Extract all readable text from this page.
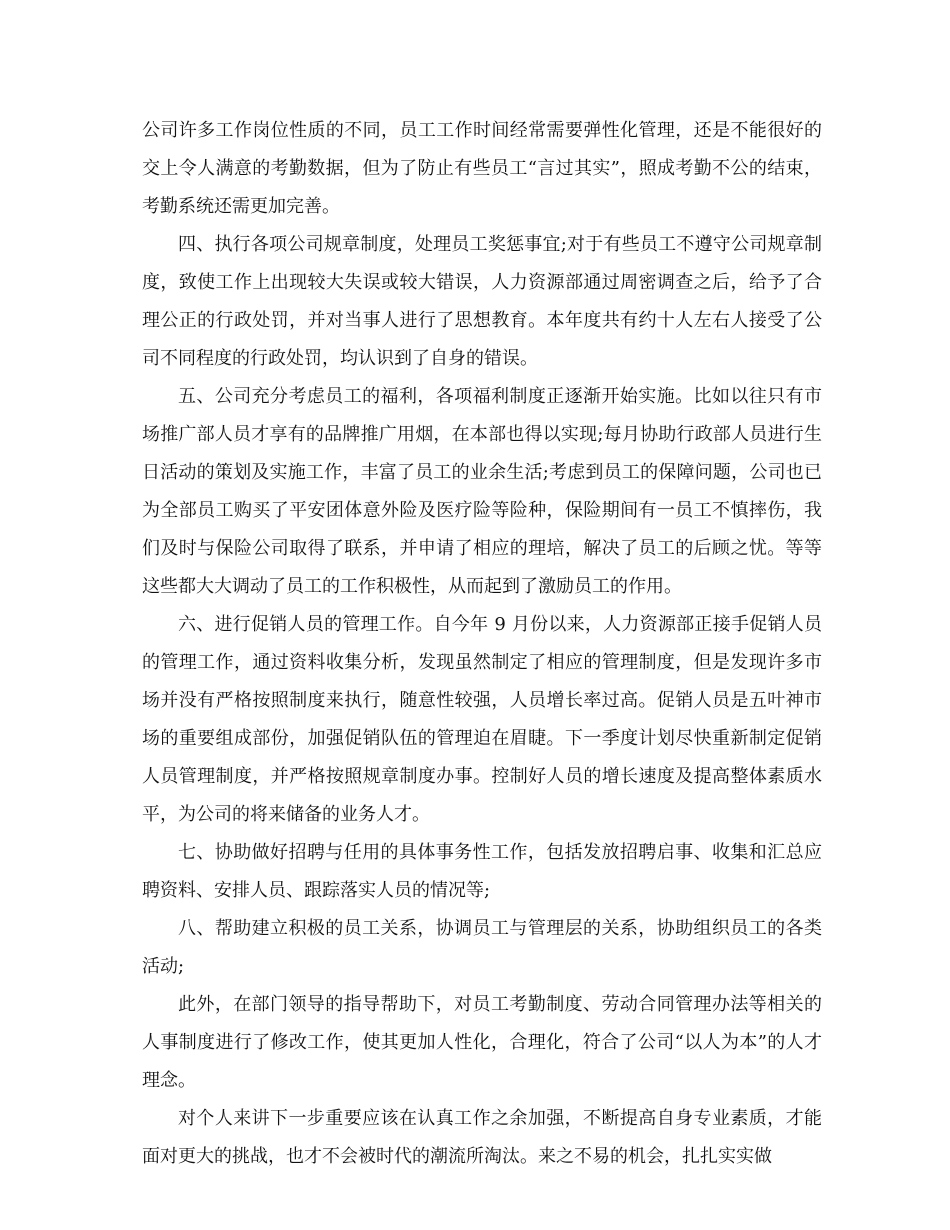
公司许多工作岗位性质的不同，员工工作时间经常需要弹性化管理，还是不能很好的交上令人满意的考勤数据，但为了防止有些员工“言过其实”，照成考勤不公的结束，考勤系统还需更加完善。

四、执行各项公司规章制度，处理员工奖惩事宜;对于有些员工不遵守公司规章制度，致使工作上出现较大失误或较大错误，人力资源部通过周密调查之后，给予了合理公正的行政处罚，并对当事人进行了思想教育。本年度共有约十人左右人接受了公司不同程度的行政处罚，均认识到了自身的错误。

五、公司充分考虑员工的福利，各项福利制度正逐渐开始实施。比如以往只有市场推广部人员才享有的品牌推广用烟，在本部也得以实现;每月协助行政部人员进行生日活动的策划及实施工作，丰富了员工的业余生活;考虑到员工的保障问题，公司也已为全部员工购买了平安团体意外险及医疗险等险种，保险期间有一员工不慎摔伤，我们及时与保险公司取得了联系，并申请了相应的理培，解决了员工的后顾之忧。等等这些都大大调动了员工的工作积极性，从而起到了激励员工的作用。

六、进行促销人员的管理工作。自今年 9 月份以来，人力资源部正接手促销人员的管理工作，通过资料收集分析，发现虽然制定了相应的管理制度，但是发现许多市场并没有严格按照制度来执行，随意性较强，人员增长率过高。促销人员是五叶神市场的重要组成部份，加强促销队伍的管理迫在眉睫。下一季度计划尽快重新制定促销人员管理制度，并严格按照规章制度办事。控制好人员的增长速度及提高整体素质水平，为公司的将来储备的业务人才。

七、协助做好招聘与任用的具体事务性工作，包括发放招聘启事、收集和汇总应聘资料、安排人员、跟踪落实人员的情况等;

八、帮助建立积极的员工关系，协调员工与管理层的关系，协助组织员工的各类活动;

此外，在部门领导的指导帮助下，对员工考勤制度、劳动合同管理办法等相关的人事制度进行了修改工作，使其更加人性化，合理化，符合了公司“以人为本”的人才理念。

对个人来讲下一步重要应该在认真工作之余加强，不断提高自身专业素质，才能面对更大的挑战，也才不会被时代的潮流所淘汰。来之不易的机会，扎扎实实做
